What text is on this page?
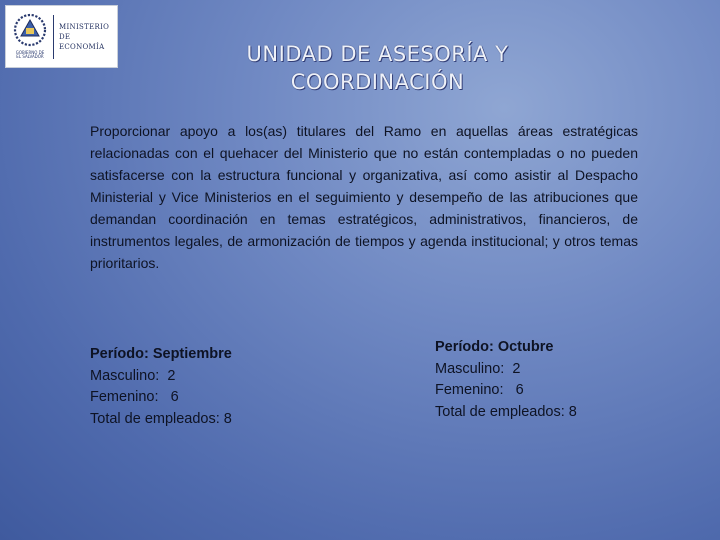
GOBIERNO DE
EL SALVADOR
MINISTERIO
DE ECONOMÍA	UNIDAD DE ASESORÍA Y
COORDINACIÓN

Proporcionar apoyo a los(as) titulares del Ramo en aquellas áreas estratégicas relacionadas con el quehacer del Ministerio que no están contempladas o no pueden satisfacerse con la estructura funcional y organizativa, así como asistir al Despacho Ministerial y Vice Ministerios en el seguimiento y desempeño de las atribuciones que demandan coordinación en temas estratégicos, administrativos, financieros, de instrumentos legales, de armonización de tiempos y agenda institucional; y otros temas prioritarios.

Período: Septiembre
Masculino:  2
Femenino:   6
Total de empleados: 8
Período: Octubre
Masculino:  2
Femenino:   6
Total de empleados: 8
